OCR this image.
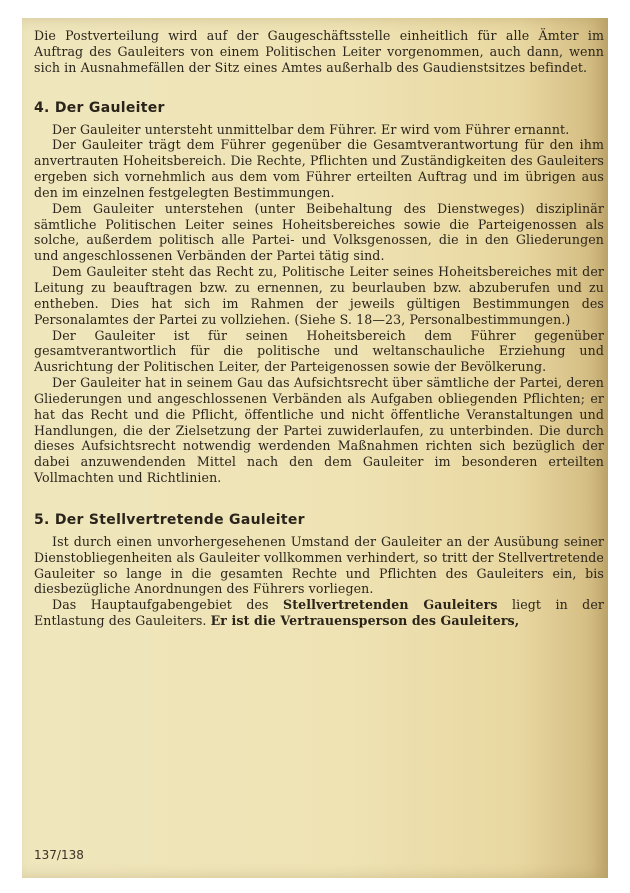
Die Postverteilung wird auf der Gaugeschäftsstelle einheitlich für alle Ämter im Auftrag des Gauleiters von einem Politischen Leiter vorgenommen, auch dann, wenn sich in Ausnahmefällen der Sitz eines Amtes außerhalb des Gaudienstsitzes befindet.

4. Der Gauleiter

Der Gauleiter untersteht unmittelbar dem Führer. Er wird vom Führer ernannt.

Der Gauleiter trägt dem Führer gegenüber die Gesamtverantwortung für den ihm anvertrauten Hoheitsbereich. Die Rechte, Pflichten und Zuständigkeiten des Gauleiters ergeben sich vornehmlich aus dem vom Führer erteilten Auftrag und im übrigen aus den im einzelnen festgelegten Bestimmungen.

Dem Gauleiter unterstehen (unter Beibehaltung des Dienstweges) disziplinär sämtliche Politischen Leiter seines Hoheitsbereiches sowie die Parteigenossen als solche, außerdem politisch alle Partei- und Volksgenossen, die in den Gliederungen und angeschlossenen Verbänden der Partei tätig sind.

Dem Gauleiter steht das Recht zu, Politische Leiter seines Hoheitsbereiches mit der Leitung zu beauftragen bzw. zu ernennen, zu beurlauben bzw. abzuberufen und zu entheben. Dies hat sich im Rahmen der jeweils gültigen Bestimmungen des Personalamtes der Partei zu vollziehen. (Siehe S. 18—23, Personalbestimmungen.)

Der Gauleiter ist für seinen Hoheitsbereich dem Führer gegenüber gesamtverantwortlich für die politische und weltanschauliche Erziehung und Ausrichtung der Politischen Leiter, der Parteigenossen sowie der Bevölkerung.

Der Gauleiter hat in seinem Gau das Aufsichtsrecht über sämtliche der Partei, deren Gliederungen und angeschlossenen Verbänden als Aufgaben obliegenden Pflichten; er hat das Recht und die Pflicht, öffentliche und nicht öffentliche Veranstaltungen und Handlungen, die der Zielsetzung der Partei zuwiderlaufen, zu unterbinden. Die durch dieses Aufsichtsrecht notwendig werdenden Maßnahmen richten sich bezüglich der dabei anzuwendenden Mittel nach den dem Gauleiter im besonderen erteilten Vollmachten und Richtlinien.

5. Der Stellvertretende Gauleiter

Ist durch einen unvorhergesehenen Umstand der Gauleiter an der Ausübung seiner Dienstobliegenheiten als Gauleiter vollkommen verhindert, so tritt der Stellvertretende Gauleiter so lange in die gesamten Rechte und Pflichten des Gauleiters ein, bis diesbezügliche Anordnungen des Führers vorliegen.

Das Hauptaufgabengebiet des Stellvertretenden Gauleiters liegt in der Entlastung des Gauleiters. Er ist die Vertrauensperson des Gauleiters,

137/138
